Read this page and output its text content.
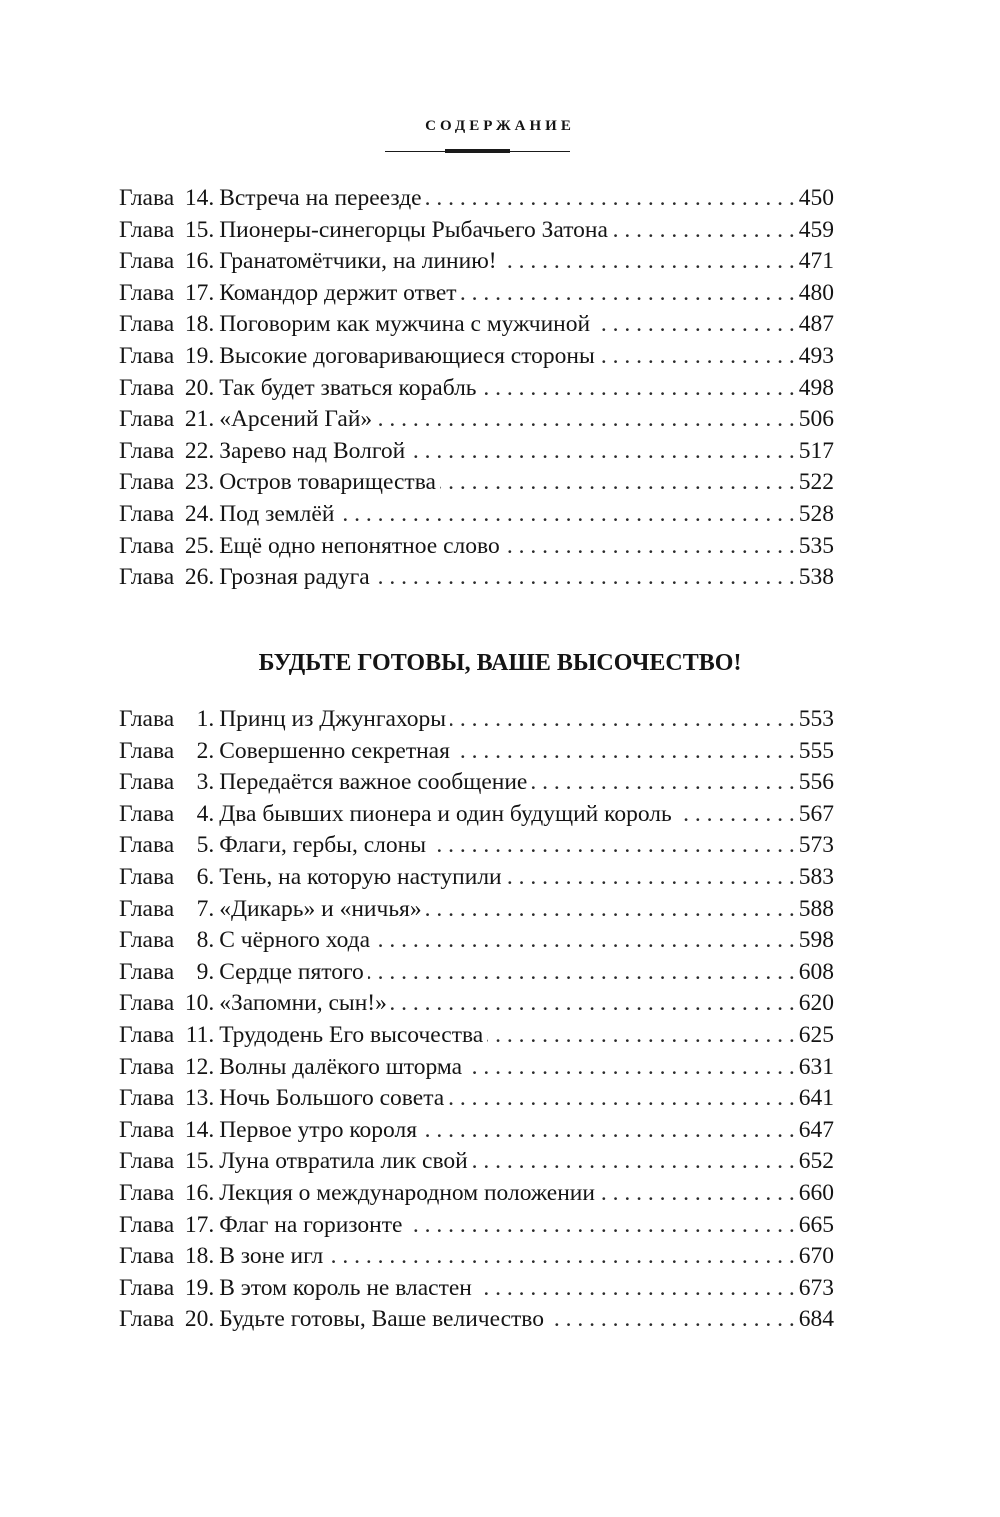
СОДЕРЖАНИЕ
Глава 14. Встреча на переезде . . .	450
Глава 15. Пионеры-синегорцы Рыбачьего Затона . . .	459
Глава 16. Гранатомётчики, на линию! . . .	471
Глава 17. Командор держит ответ . . .	480
Глава 18. Поговорим как мужчина с мужчиной . . .	487
Глава 19. Высокие договаривающиеся стороны . . .	493
Глава 20. Так будет зваться корабль . . .	498
Глава 21. «Арсений Гай» . . .	506
Глава 22. Зарево над Волгой . . .	517
Глава 23. Остров товарищества . . .	522
Глава 24. Под землёй . . .	528
Глава 25. Ещё одно непонятное слово . . .	535
Глава 26. Грозная радуга . . .	538
БУДЬТЕ ГОТОВЫ, ВАШЕ ВЫСОЧЕСТВО!
Глава 1. Принц из Джунгахоры . . .	553
Глава 2. Совершенно секретная . . .	555
Глава 3. Передаётся важное сообщение . . .	556
Глава 4. Два бывших пионера и один будущий король . . .	567
Глава 5. Флаги, гербы, слоны . . .	573
Глава 6. Тень, на которую наступили . . .	583
Глава 7. «Дикарь» и «ничья» . . .	588
Глава 8. С чёрного хода . . .	598
Глава 9. Сердце пятого . . .	608
Глава 10. «Запомни, сын!» . . .	620
Глава 11. Трудодень Его высочества . . .	625
Глава 12. Волны далёкого шторма . . .	631
Глава 13. Ночь Большого совета . . .	641
Глава 14. Первое утро короля . . .	647
Глава 15. Луна отвратила лик свой . . .	652
Глава 16. Лекция о международном положении . . .	660
Глава 17. Флаг на горизонте . . .	665
Глава 18. В зоне игл . . .	670
Глава 19. В этом король не властен . . .	673
Глава 20. Будьте готовы, Ваше величество . . .	684
